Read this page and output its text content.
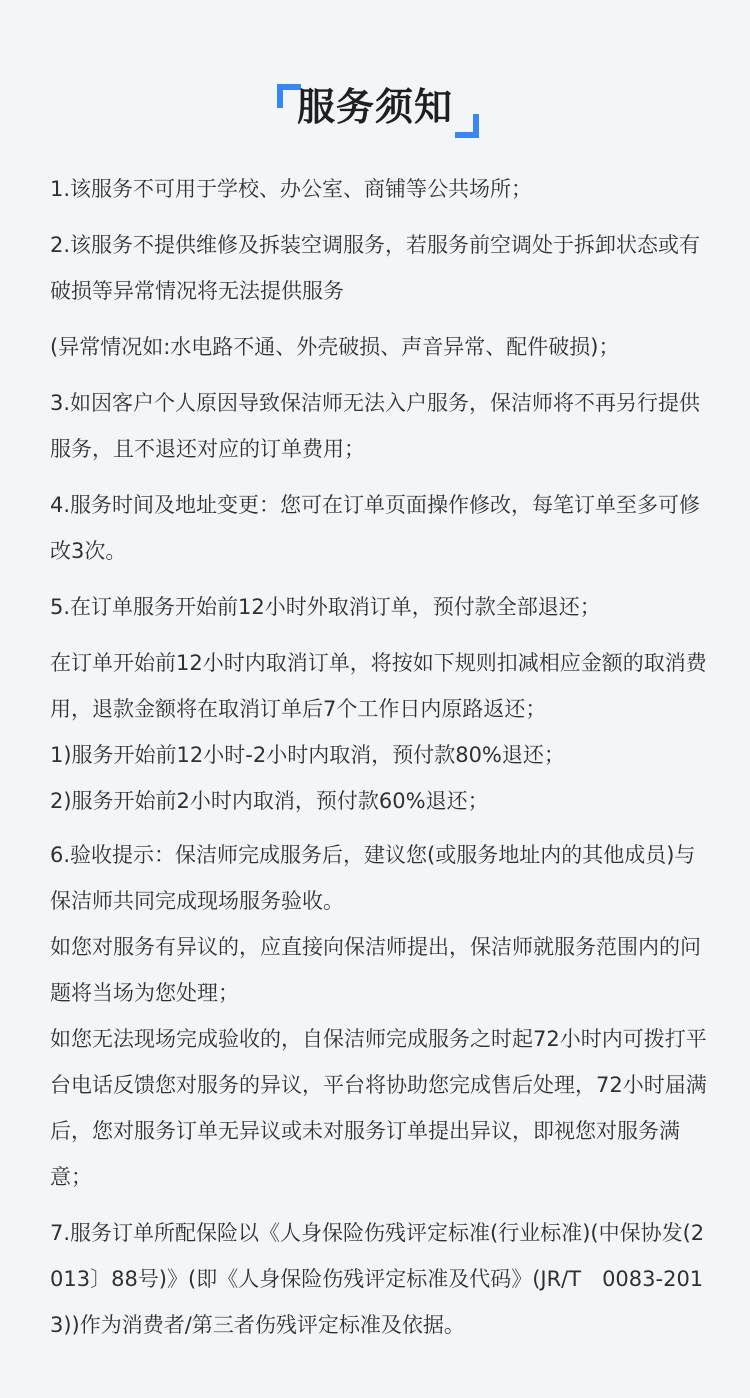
服务须知

1.该服务不可用于学校、办公室、商铺等公共场所；

2.该服务不提供维修及拆装空调服务，若服务前空调处于拆卸状态或有破损等异常情况将无法提供服务

(异常情况如:水电路不通、外壳破损、声音异常、配件破损)；

3.如因客户个人原因导致保洁师无法入户服务，保洁师将不再另行提供服务，且不退还对应的订单费用；

4.服务时间及地址变更：您可在订单页面操作修改，每笔订单至多可修改3次。

5.在订单服务开始前12小时外取消订单，预付款全部退还；

在订单开始前12小时内取消订单，将按如下规则扣减相应金额的取消费用，退款金额将在取消订单后7个工作日内原路返还；

1)服务开始前12小时-2小时内取消，预付款80%退还；

2)服务开始前2小时内取消，预付款60%退还；

6.验收提示：保洁师完成服务后，建议您(或服务地址内的其他成员)与保洁师共同完成现场服务验收。

如您对服务有异议的，应直接向保洁师提出，保洁师就服务范围内的问题将当场为您处理；

如您无法现场完成验收的，自保洁师完成服务之时起72小时内可拨打平台电话反馈您对服务的异议，平台将协助您完成售后处理，72小时届满后，您对服务订单无异议或未对服务订单提出异议，即视您对服务满意；

7.服务订单所配保险以《人身保险伤残评定标准(行业标准)(中保协发(2013〕88号)》(即《人身保险伤残评定标准及代码》(JR/T　0083-2013))作为消费者/第三者伤残评定标准及依据。
